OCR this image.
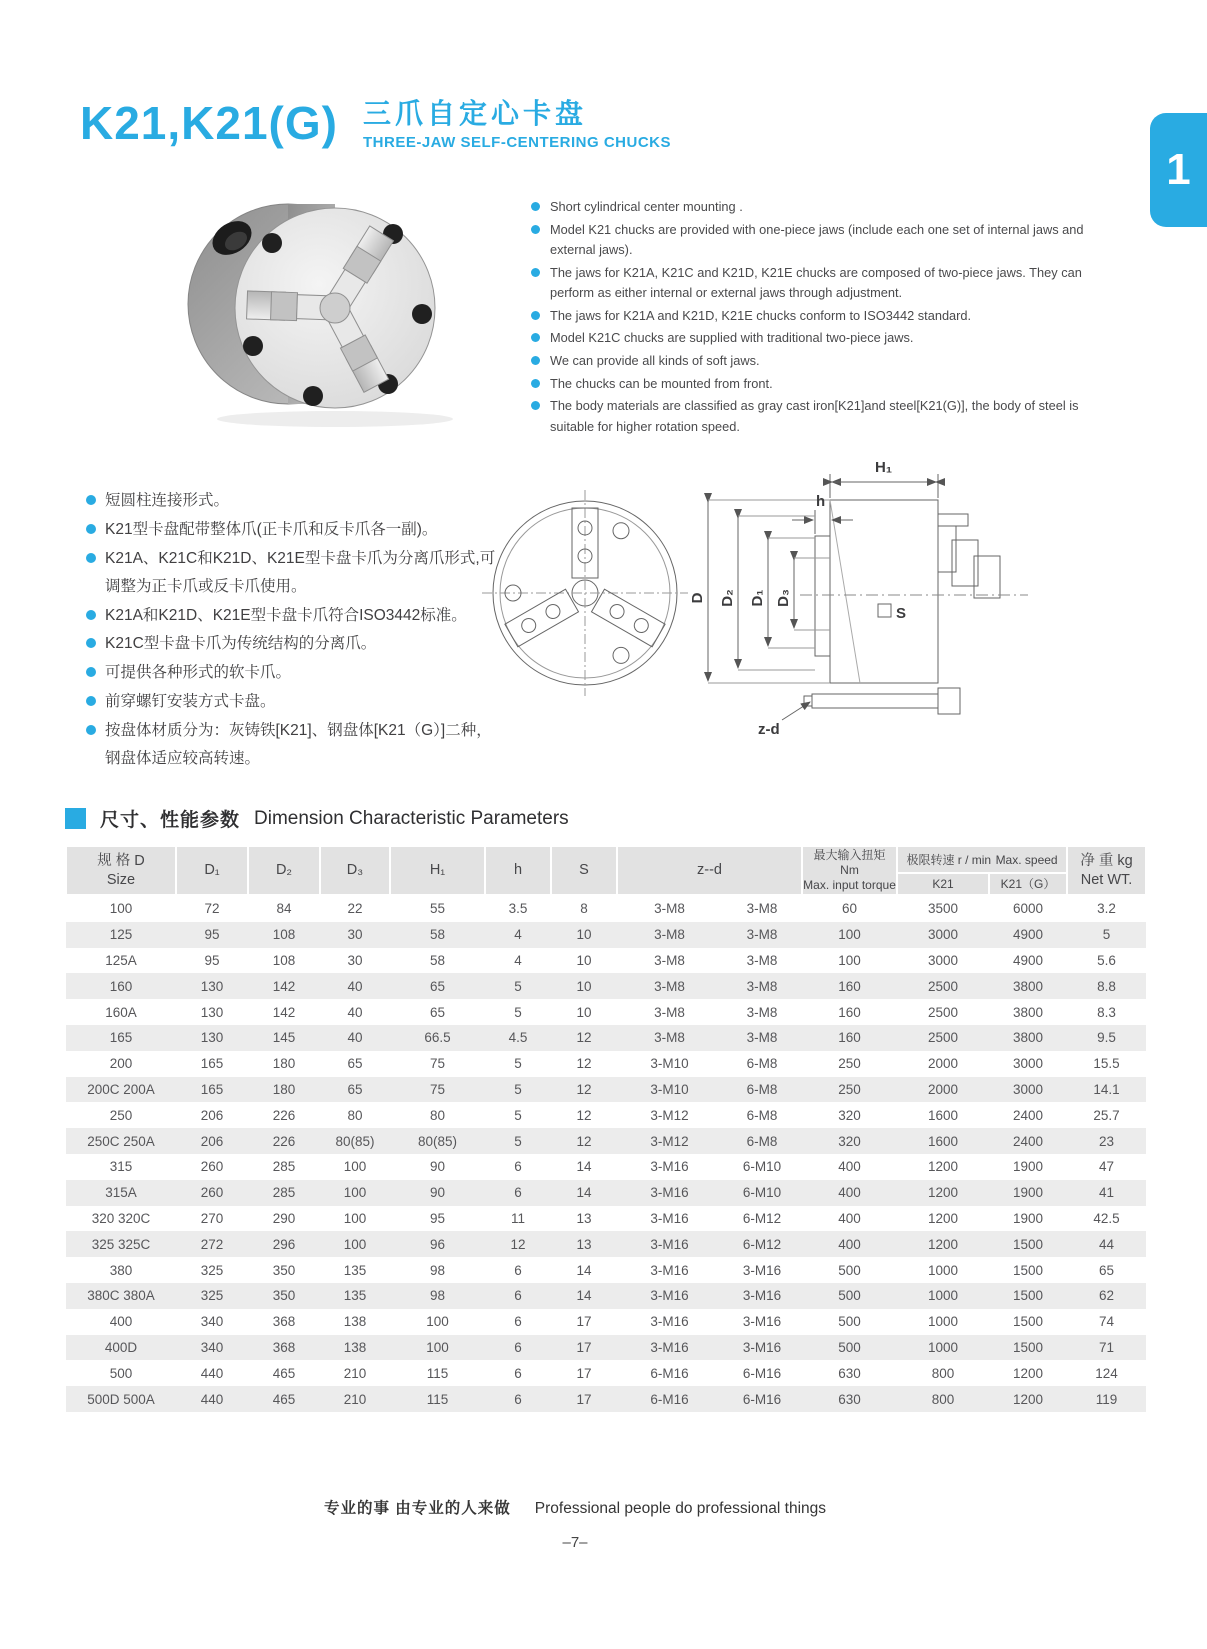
1
K21,K21(G) 三爪自定心卡盘
THREE-JAW SELF-CENTERING CHUCKS
短圆柱连接形式。
K21型卡盘配带整体爪(正卡爪和反卡爪各一副)。
K21A、K21C和K21D、K21E型卡盘卡爪为分离爪形式,可调整为正卡爪或反卡爪使用。
K21A和K21D、K21E型卡盘卡爪符合ISO3442标准。
K21C型卡盘卡爪为传统结构的分离爪。
可提供各种形式的软卡爪。
前穿螺钉安装方式卡盘。
按盘体材质分为：灰铸铁[K21]、钢盘体[K21（G）]二种，钢盘体适应较高转速。
Short cylindrical center mounting .
Model K21 chucks are provided with one-piece jaws (include each one set of internal jaws and external jaws).
The jaws for K21A, K21C and K21D, K21E chucks are composed of two-piece jaws. They can perform as either internal or external jaws through adjustment.
The jaws for K21A and K21D, K21E chucks conform to ISO3442 standard.
Model K21C chucks are supplied with traditional two-piece jaws.
We can provide all kinds of soft jaws.
The chucks can be mounted from front.
The body materials are classified as gray cast iron[K21]and steel[K21(G)], the body of steel is suitable for higher rotation speed.
H₁
h
D D₂ D₁ D₃
S
z-d
尺寸、性能参数 Dimension Characteristic Parameters
规 格 D
Size
	D₁	D₂	D₃	H₁	h	S	z--d	
最大输入扭矩 Nm
Max. input torque
	极限转速 r / min Max. speed	净 重 kg
Net WT.

										K21	K21（G）	
100	72	84	22	55	3.5	8	3-M8	3-M8	60	3500	6000	3.2
125	95	108	30	58	4	10	3-M8	3-M8	100	3000	4900	5
125A	95	108	30	58	4	10	3-M8	3-M8	100	3000	4900	5.6
160	130	142	40	65	5	10	3-M8	3-M8	160	2500	3800	8.8
160A	130	142	40	65	5	10	3-M8	3-M8	160	2500	3800	8.3
165	130	145	40	66.5	4.5	12	3-M8	3-M8	160	2500	3800	9.5
200	165	180	65	75	5	12	3-M10	6-M8	250	2000	3000	15.5
200C 200A	165	180	65	75	5	12	3-M10	6-M8	250	2000	3000	14.1
250	206	226	80	80	5	12	3-M12	6-M8	320	1600	2400	25.7
250C 250A	206	226	80(85)	80(85)	5	12	3-M12	6-M8	320	1600	2400	23
315	260	285	100	90	6	14	3-M16	6-M10	400	1200	1900	47
315A	260	285	100	90	6	14	3-M16	6-M10	400	1200	1900	41
320 320C	270	290	100	95	11	13	3-M16	6-M12	400	1200	1900	42.5
325 325C	272	296	100	96	12	13	3-M16	6-M12	400	1200	1500	44
380	325	350	135	98	6	14	3-M16	3-M16	500	1000	1500	65
380C 380A	325	350	135	98	6	14	3-M16	3-M16	500	1000	1500	62
400	340	368	138	100	6	17	3-M16	3-M16	500	1000	1500	74
400D	340	368	138	100	6	17	3-M16	3-M16	500	1000	1500	71
500	440	465	210	115	6	17	6-M16	6-M16	630	800	1200	124
500D 500A	440	465	210	115	6	17	6-M16	6-M16	630	800	1200	119
专业的事 由专业的人来做 Professional people do professional things
–7–
